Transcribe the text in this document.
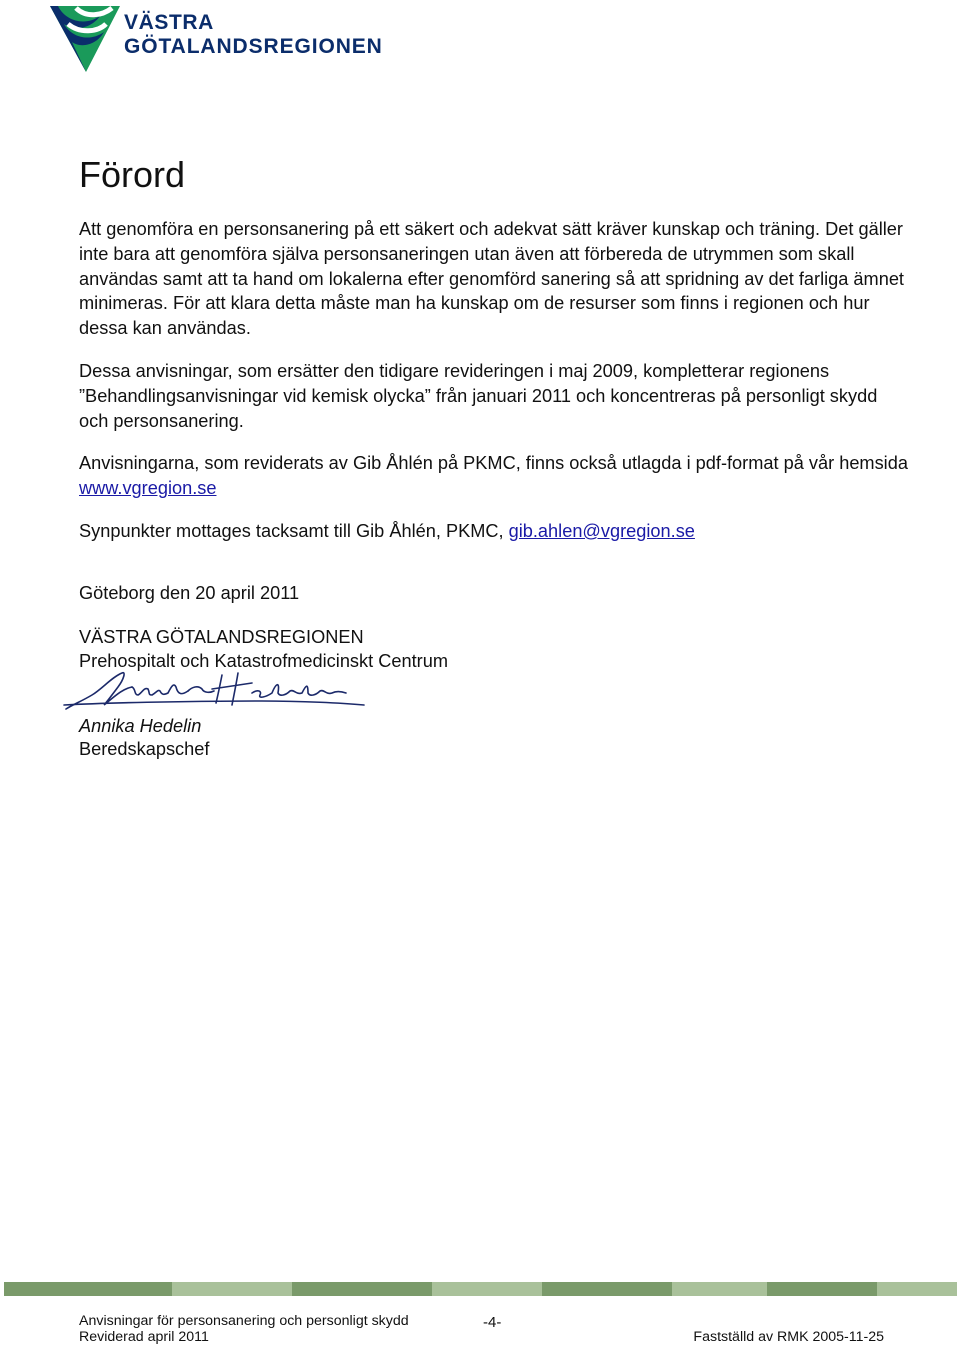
VÄSTRA
GÖTALANDSREGIONEN
Förord

Att genomföra en personsanering på ett säkert och adekvat sätt kräver kunskap och träning. Det gäller inte bara att genomföra själva personsaneringen utan även att förbereda de utrymmen som skall användas samt att ta hand om lokalerna efter genomförd sanering så att spridning av det farliga ämnet minimeras. För att klara detta måste man ha kunskap om de resurser som finns i regionen och hur dessa kan användas.

Dessa anvisningar, som ersätter den tidigare revideringen i maj 2009, kompletterar regionens ”Behandlingsanvisningar vid kemisk olycka” från januari 2011 och koncentreras på personligt skydd och personsanering.

Anvisningarna, som reviderats av Gib Åhlén på PKMC, finns också utlagda i pdf-format på vår hemsida www.vgregion.se

Synpunkter mottages tacksamt till Gib Åhlén, PKMC, gib.ahlen@vgregion.se

Göteborg den 20 april 2011

VÄSTRA GÖTALANDSREGIONEN

Prehospitalt och Katastrofmedicinskt Centrum

Annika Hedelin
Beredskapschef
Anvisningar för personsanering och personligt skydd	-4-
Reviderad april 2011	Fastställd av RMK 2005-11-25
